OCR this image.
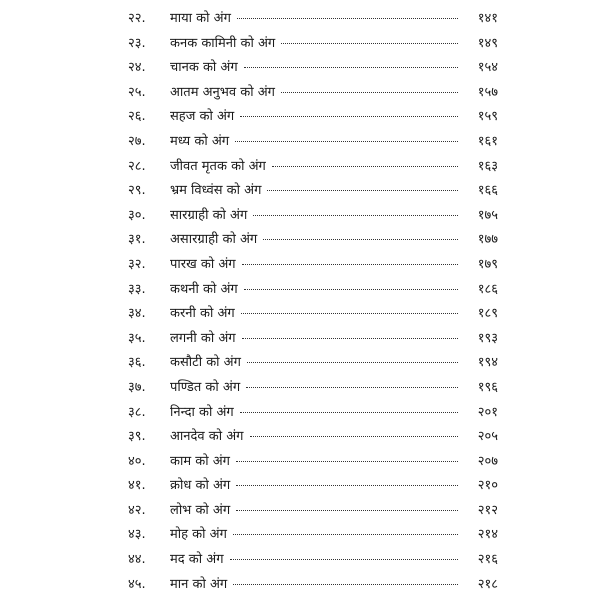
२२.	माया को अंग	१४१
२३.	कनक कामिनी को अंग	१४९
२४.	चानक को अंग	१५४
२५.	आतम अनुभव को अंग	१५७
२६.	सहज को अंग	१५९
२७.	मध्य को अंग	१६१
२८.	जीवत मृतक को अंग	१६३
२९.	भ्रम विध्वंस को अंग	१६६
३०.	सारग्राही को अंग	१७५
३१.	असारग्राही को अंग	१७७
३२.	पारख को अंग	१७९
३३.	कथनी को अंग	१८६
३४.	करनी को अंग	१८९
३५.	लगनी को अंग	१९३
३६.	कसौटी को अंग	१९४
३७.	पण्डित को अंग	१९६
३८.	निन्दा को अंग	२०१
३९.	आनदेव को अंग	२०५
४०.	काम को अंग	२०७
४१.	क्रोध को अंग	२१०
४२.	लोभ को अंग	२१२
४३.	मोह को अंग	२१४
४४.	मद को अंग	२१६
४५.	मान को अंग	२१८
